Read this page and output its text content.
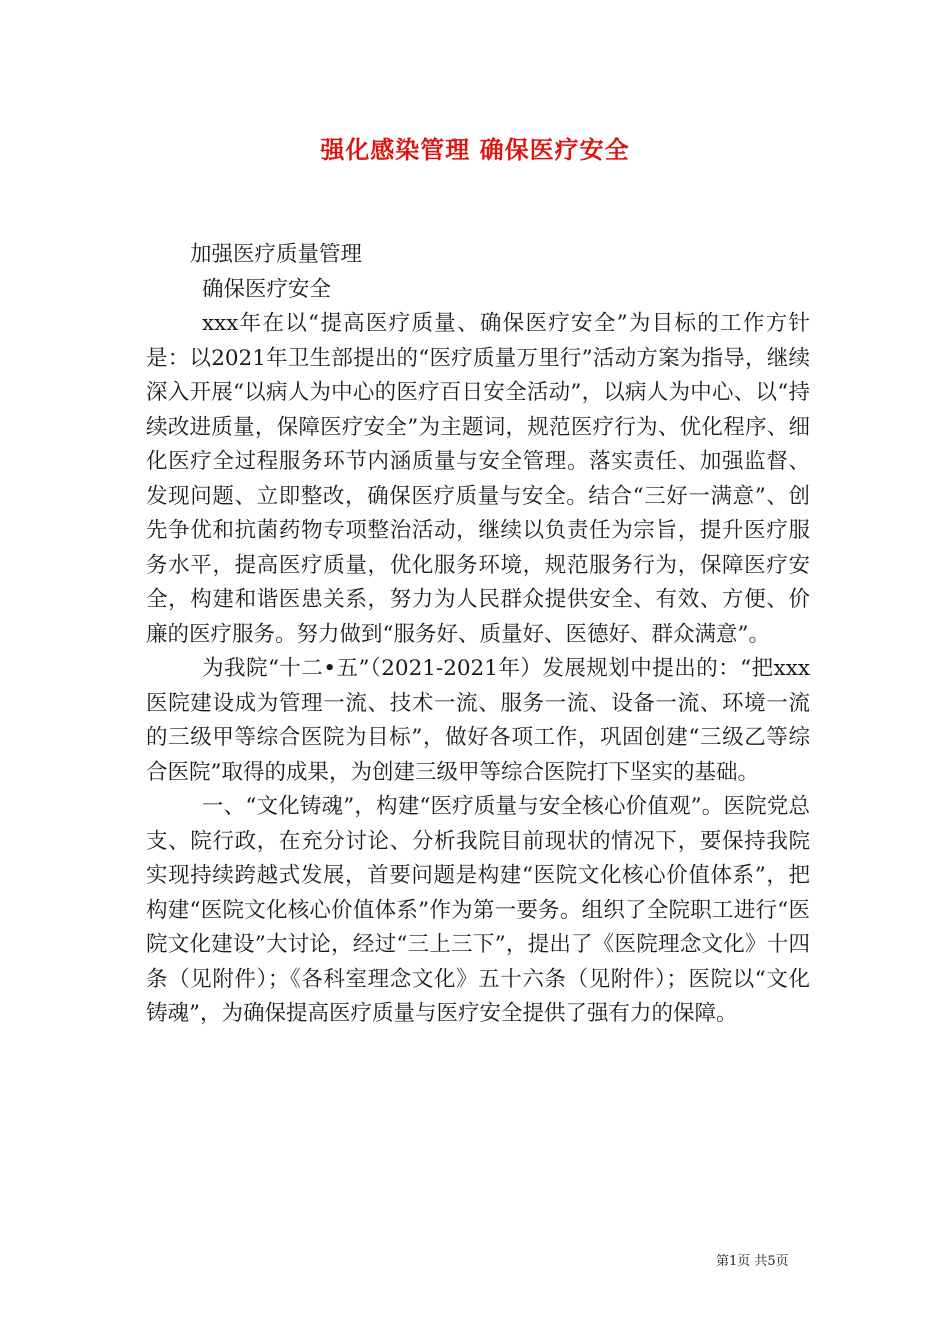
强化感染管理 确保医疗安全

加强医疗质量管理

确保医疗安全

xxx年在以“提高医疗质量、确保医疗安全”为目标的工作方针是：以2021年卫生部提出的“医疗质量万里行”活动方案为指导，继续深入开展“以病人为中心的医疗百日安全活动”，以病人为中心、以“持续改进质量，保障医疗安全”为主题词，规范医疗行为、优化程序、细化医疗全过程服务环节内涵质量与安全管理。落实责任、加强监督、发现问题、立即整改，确保医疗质量与安全。结合“三好一满意”、创先争优和抗菌药物专项整治活动，继续以负责任为宗旨，提升医疗服务水平，提高医疗质量，优化服务环境，规范服务行为，保障医疗安全，构建和谐医患关系，努力为人民群众提供安全、有效、方便、价廉的医疗服务。努力做到“服务好、质量好、医德好、群众满意”。

为我院“十二•五”（2021-2021年）发展规划中提出的：“把xxx医院建设成为管理一流、技术一流、服务一流、设备一流、环境一流的三级甲等综合医院为目标”，做好各项工作，巩固创建“三级乙等综合医院”取得的成果，为创建三级甲等综合医院打下坚实的基础。

一、“文化铸魂”，构建“医疗质量与安全核心价值观”。医院党总支、院行政，在充分讨论、分析我院目前现状的情况下，要保持我院实现持续跨越式发展，首要问题是构建“医院文化核心价值体系”，把构建“医院文化核心价值体系”作为第一要务。组织了全院职工进行“医院文化建设”大讨论，经过“三上三下”，提出了《医院理念文化》十四条（见附件）；《各科室理念文化》五十六条（见附件）；医院以“文化铸魂”，为确保提高医疗质量与医疗安全提供了强有力的保障。

第1页 共5页
